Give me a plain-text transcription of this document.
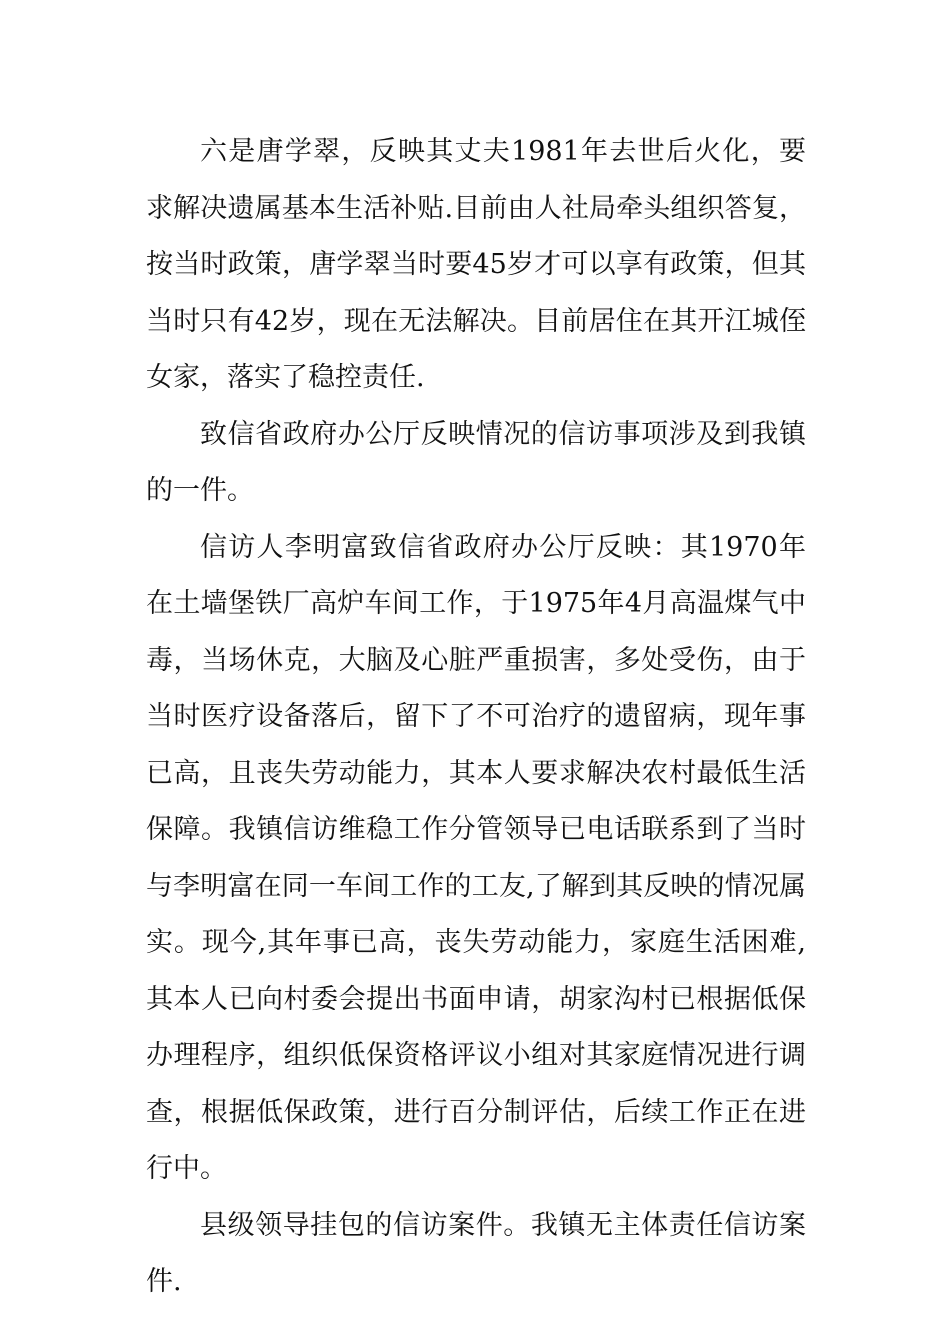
六是唐学翠，反映其丈夫1981年去世后火化，要求解决遗属基本生活补贴.目前由人社局牵头组织答复，按当时政策，唐学翠当时要45岁才可以享有政策，但其当时只有42岁，现在无法解决。目前居住在其开江城侄女家，落实了稳控责任.

致信省政府办公厅反映情况的信访事项涉及到我镇的一件。

信访人李明富致信省政府办公厅反映：其1970年在土墙堡铁厂高炉车间工作，于1975年4月高温煤气中毒，当场休克，大脑及心脏严重损害，多处受伤，由于当时医疗设备落后，留下了不可治疗的遗留病，现年事已高，且丧失劳动能力，其本人要求解决农村最低生活保障。我镇信访维稳工作分管领导已电话联系到了当时与李明富在同一车间工作的工友,了解到其反映的情况属实。现今,其年事已高，丧失劳动能力，家庭生活困难,其本人已向村委会提出书面申请，胡家沟村已根据低保办理程序，组织低保资格评议小组对其家庭情况进行调查，根据低保政策，进行百分制评估，后续工作正在进行中。

县级领导挂包的信访案件。我镇无主体责任信访案件.
